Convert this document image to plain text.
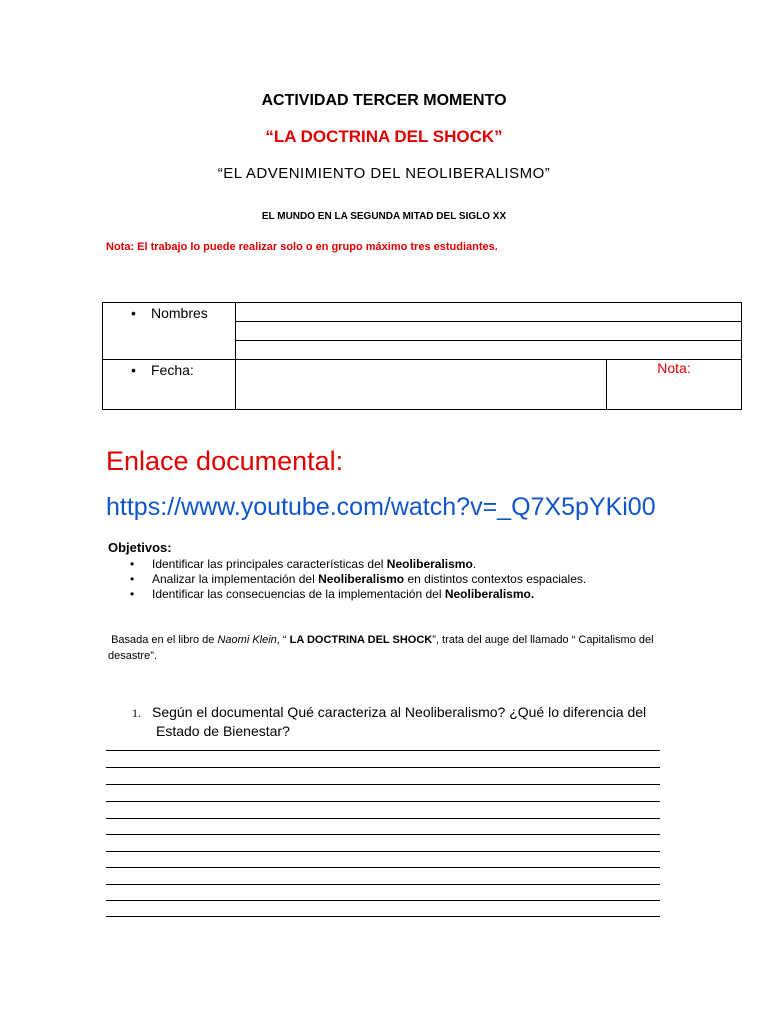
ACTIVIDAD TERCER MOMENTO
“LA DOCTRINA DEL SHOCK”
“EL ADVENIMIENTO DEL NEOLIBERALISMO”
EL MUNDO EN LA SEGUNDA MITAD DEL SIGLO XX
Nota: El trabajo lo puede realizar solo o en grupo máximo tres estudiantes.
• Nombres		

• Fecha:		Nota:
Enlace documental:
https://www.youtube.com/watch?v=_Q7X5pYKi00
Objetivos:
• Identificar las principales características del Neoliberalismo.
• Analizar la implementación del Neoliberalismo en distintos contextos espaciales.
• Identificar las consecuencias de la implementación del Neoliberalismo.
Basada en el libro de Naomi Klein, “ LA DOCTRINA DEL SHOCK”, trata del auge del llamado “ Capitalismo del desastre”.
1. Según el documental Qué caracteriza al Neoliberalismo? ¿Qué lo diferencia del
Estado de Bienestar?
